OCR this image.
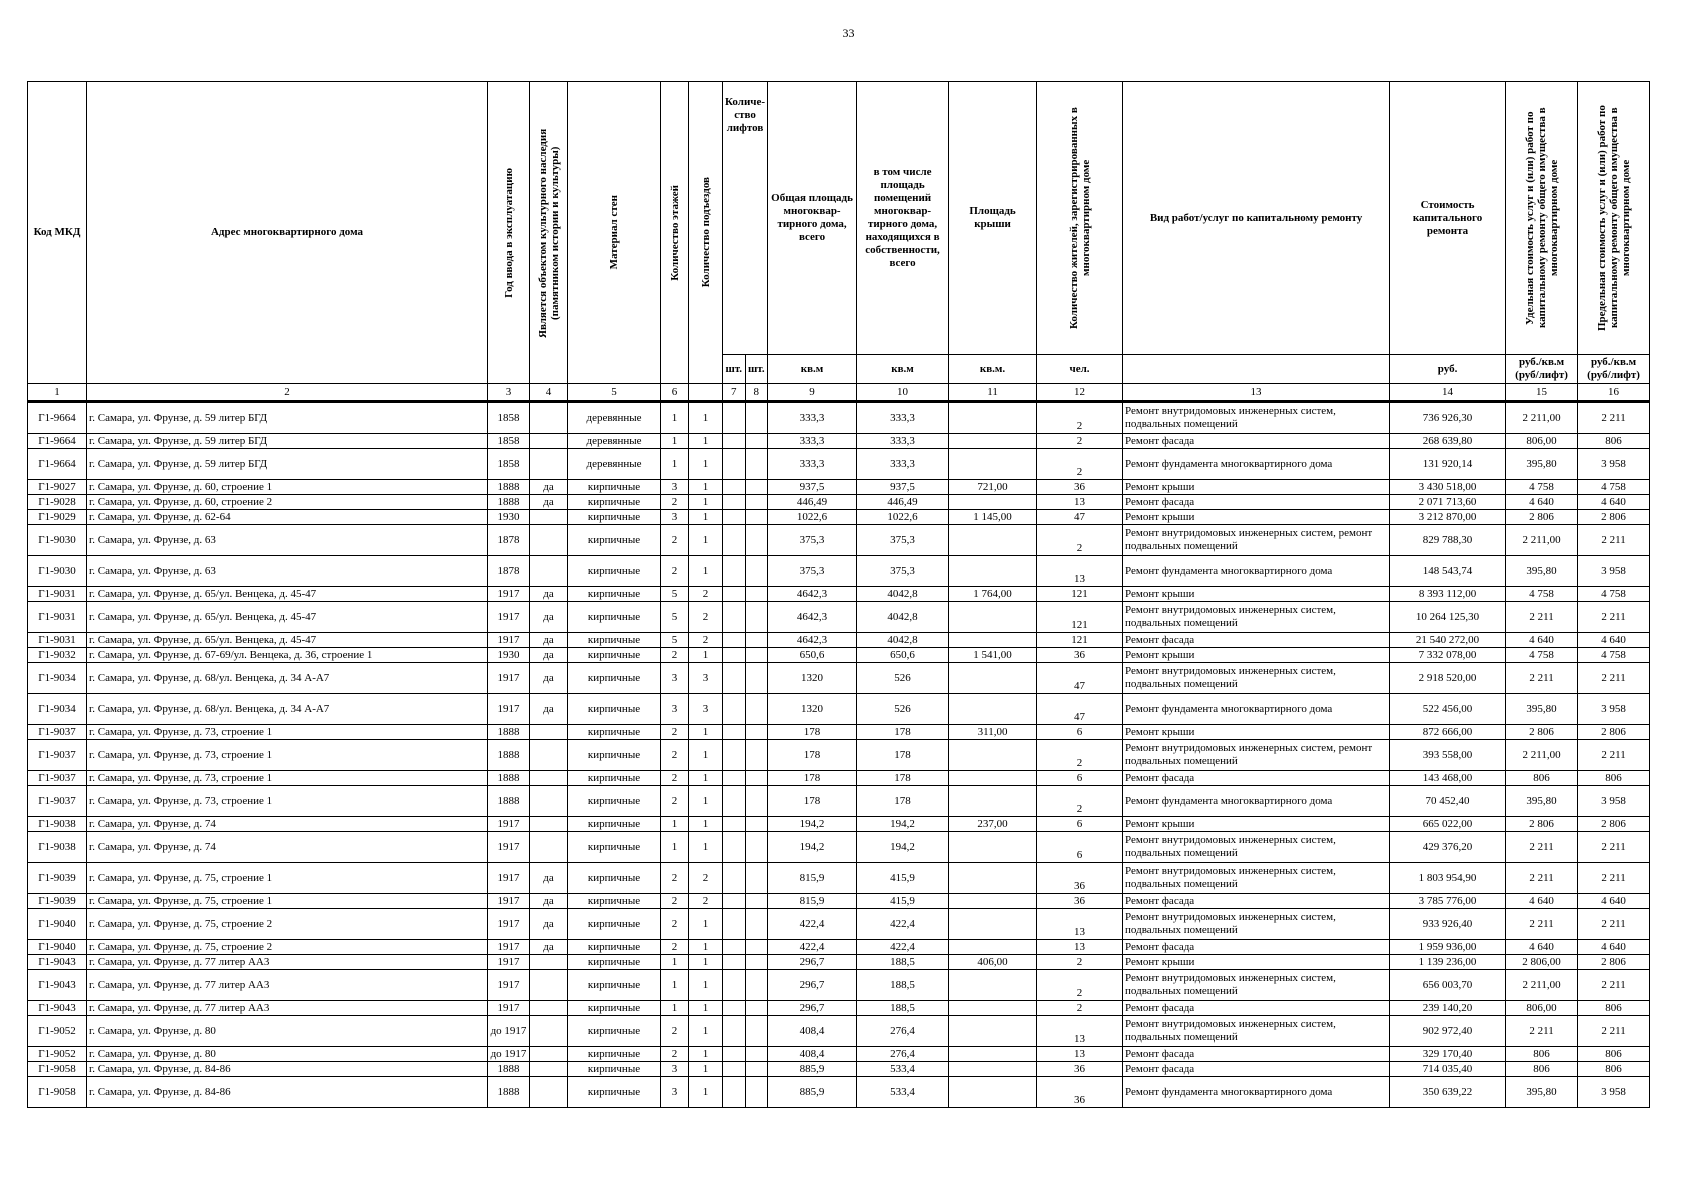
33
Код МКД	Адрес многоквартирного дома	Год ввода в эксплуатацию	Является объектом культурного наследия (памятником истории и культуры)	Материал стен	Количество этажей	Количество подъездов	Количе-ство лифтов		Общая площадь многоквар-тирного дома, всего	в том числе площадь помещений многоквар-тирного дома, находящихся в собственности, всего	Площадь крыши	Количество жителей, зарегистрированных в многоквартирном доме	Вид работ/услуг по капитальному ремонту	Стоимость капитального ремонта	Удельная стоимость услуг и (или) работ по капитальному ремонту общего имущества в многоквартирном доме	Предельная стоимость услуг и (или) работ по капитальному ремонту общего имущества в многоквартирном доме

							шт.	шт.	кв.м	кв.м	кв.м.	чел.		руб.	руб./кв.м (руб/лифт)	руб./кв.м (руб/лифт)
1	2	3	4	5	6		7	8	9	10	11	12	13	14	15	16
Г1-9664	г. Самара, ул. Фрунзе, д. 59 литер БГД	1858		деревянные	1	1			333,3	333,3		2	Ремонт внутридомовых инженерных систем, подвальных помещений	736 926,30	2 211,00	2 211
Г1-9664	г. Самара, ул. Фрунзе, д. 59 литер БГД	1858		деревянные	1	1			333,3	333,3		2	Ремонт фасада	268 639,80	806,00	806
Г1-9664	г. Самара, ул. Фрунзе, д. 59 литер БГД	1858		деревянные	1	1			333,3	333,3		2	Ремонт фундамента многоквартирного дома	131 920,14	395,80	3 958
Г1-9027	г. Самара, ул. Фрунзе, д. 60, строение 1	1888	да	кирпичные	3	1			937,5	937,5	721,00	36	Ремонт крыши	3 430 518,00	4 758	4 758
Г1-9028	г. Самара, ул. Фрунзе, д. 60, строение 2	1888	да	кирпичные	2	1			446,49	446,49		13	Ремонт фасада	2 071 713,60	4 640	4 640
Г1-9029	г. Самара, ул. Фрунзе, д. 62-64	1930		кирпичные	3	1			1022,6	1022,6	1 145,00	47	Ремонт крыши	3 212 870,00	2 806	2 806
Г1-9030	г. Самара, ул. Фрунзе, д. 63	1878		кирпичные	2	1			375,3	375,3		2	Ремонт внутридомовых инженерных систем, ремонт подвальных помещений	829 788,30	2 211,00	2 211
Г1-9030	г. Самара, ул. Фрунзе, д. 63	1878		кирпичные	2	1			375,3	375,3		13	Ремонт фундамента многоквартирного дома	148 543,74	395,80	3 958
Г1-9031	г. Самара, ул. Фрунзе, д. 65/ул. Венцека, д. 45-47	1917	да	кирпичные	5	2			4642,3	4042,8	1 764,00	121	Ремонт крыши	8 393 112,00	4 758	4 758
Г1-9031	г. Самара, ул. Фрунзе, д. 65/ул. Венцека, д. 45-47	1917	да	кирпичные	5	2			4642,3	4042,8		121	Ремонт внутридомовых инженерных систем, подвальных помещений	10 264 125,30	2 211	2 211
Г1-9031	г. Самара, ул. Фрунзе, д. 65/ул. Венцека, д. 45-47	1917	да	кирпичные	5	2			4642,3	4042,8		121	Ремонт фасада	21 540 272,00	4 640	4 640
Г1-9032	г. Самара, ул. Фрунзе, д. 67-69/ул. Венцека, д. 36, строение 1	1930	да	кирпичные	2	1			650,6	650,6	1 541,00	36	Ремонт крыши	7 332 078,00	4 758	4 758
Г1-9034	г. Самара, ул. Фрунзе, д. 68/ул. Венцека, д. 34 А-А7	1917	да	кирпичные	3	3			1320	526		47	Ремонт внутридомовых инженерных систем, подвальных помещений	2 918 520,00	2 211	2 211
Г1-9034	г. Самара, ул. Фрунзе, д. 68/ул. Венцека, д. 34 А-А7	1917	да	кирпичные	3	3			1320	526		47	Ремонт фундамента многоквартирного дома	522 456,00	395,80	3 958
Г1-9037	г. Самара, ул. Фрунзе, д. 73, строение 1	1888		кирпичные	2	1			178	178	311,00	6	Ремонт крыши	872 666,00	2 806	2 806
Г1-9037	г. Самара, ул. Фрунзе, д. 73, строение 1	1888		кирпичные	2	1			178	178		2	Ремонт внутридомовых инженерных систем, ремонт подвальных помещений	393 558,00	2 211,00	2 211
Г1-9037	г. Самара, ул. Фрунзе, д. 73, строение 1	1888		кирпичные	2	1			178	178		6	Ремонт фасада	143 468,00	806	806
Г1-9037	г. Самара, ул. Фрунзе, д. 73, строение 1	1888		кирпичные	2	1			178	178		2	Ремонт фундамента многоквартирного дома	70 452,40	395,80	3 958
Г1-9038	г. Самара, ул. Фрунзе, д. 74	1917		кирпичные	1	1			194,2	194,2	237,00	6	Ремонт крыши	665 022,00	2 806	2 806
Г1-9038	г. Самара, ул. Фрунзе, д. 74	1917		кирпичные	1	1			194,2	194,2		6	Ремонт внутридомовых инженерных систем, подвальных помещений	429 376,20	2 211	2 211
Г1-9039	г. Самара, ул. Фрунзе, д. 75, строение 1	1917	да	кирпичные	2	2			815,9	415,9		36	Ремонт внутридомовых инженерных систем, подвальных помещений	1 803 954,90	2 211	2 211
Г1-9039	г. Самара, ул. Фрунзе, д. 75, строение 1	1917	да	кирпичные	2	2			815,9	415,9		36	Ремонт фасада	3 785 776,00	4 640	4 640
Г1-9040	г. Самара, ул. Фрунзе, д. 75, строение 2	1917	да	кирпичные	2	1			422,4	422,4		13	Ремонт внутридомовых инженерных систем, подвальных помещений	933 926,40	2 211	2 211
Г1-9040	г. Самара, ул. Фрунзе, д. 75, строение 2	1917	да	кирпичные	2	1			422,4	422,4		13	Ремонт фасада	1 959 936,00	4 640	4 640
Г1-9043	г. Самара, ул. Фрунзе, д. 77 литер АА3	1917		кирпичные	1	1			296,7	188,5	406,00	2	Ремонт крыши	1 139 236,00	2 806,00	2 806
Г1-9043	г. Самара, ул. Фрунзе, д. 77 литер АА3	1917		кирпичные	1	1			296,7	188,5		2	Ремонт внутридомовых инженерных систем, подвальных помещений	656 003,70	2 211,00	2 211
Г1-9043	г. Самара, ул. Фрунзе, д. 77 литер АА3	1917		кирпичные	1	1			296,7	188,5		2	Ремонт фасада	239 140,20	806,00	806
Г1-9052	г. Самара, ул. Фрунзе, д. 80	до 1917		кирпичные	2	1			408,4	276,4		13	Ремонт внутридомовых инженерных систем, подвальных помещений	902 972,40	2 211	2 211
Г1-9052	г. Самара, ул. Фрунзе, д. 80	до 1917		кирпичные	2	1			408,4	276,4		13	Ремонт фасада	329 170,40	806	806
Г1-9058	г. Самара, ул. Фрунзе, д. 84-86	1888		кирпичные	3	1			885,9	533,4		36	Ремонт фасада	714 035,40	806	806
Г1-9058	г. Самара, ул. Фрунзе, д. 84-86	1888		кирпичные	3	1			885,9	533,4		36	Ремонт фундамента многоквартирного дома	350 639,22	395,80	3 958
